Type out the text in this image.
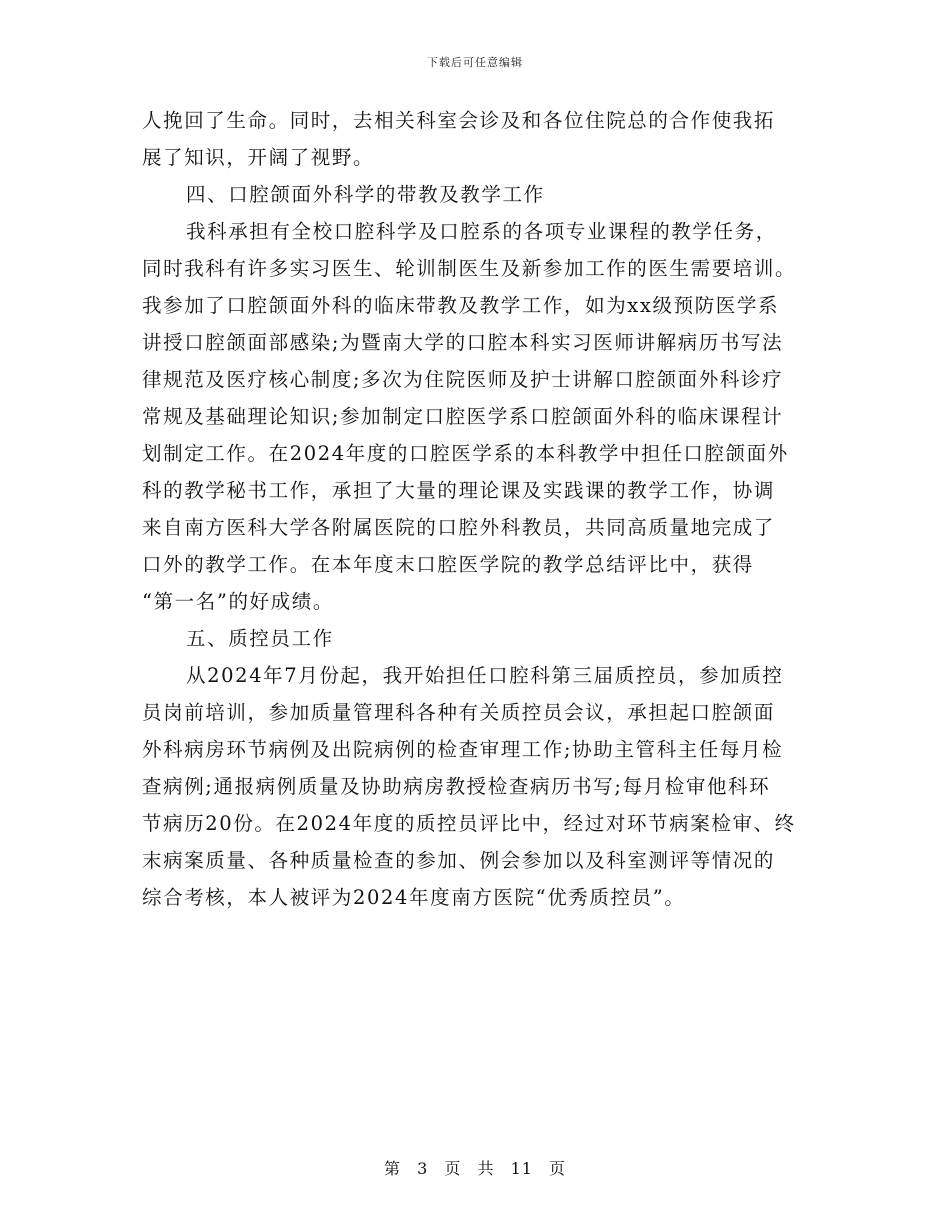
下载后可任意编辑
人挽回了生命。同时，去相关科室会诊及和各位住院总的合作使我拓
展了知识，开阔了视野。
四、口腔颌面外科学的带教及教学工作
我科承担有全校口腔科学及口腔系的各项专业课程的教学任务，
同时我科有许多实习医生、轮训制医生及新参加工作的医生需要培训。
我参加了口腔颌面外科的临床带教及教学工作，如为xx级预防医学系
讲授口腔颌面部感染;为暨南大学的口腔本科实习医师讲解病历书写法
律规范及医疗核心制度;多次为住院医师及护士讲解口腔颌面外科诊疗
常规及基础理论知识;参加制定口腔医学系口腔颌面外科的临床课程计
划制定工作。在2024年度的口腔医学系的本科教学中担任口腔颌面外
科的教学秘书工作，承担了大量的理论课及实践课的教学工作，协调
来自南方医科大学各附属医院的口腔外科教员，共同高质量地完成了
口外的教学工作。在本年度末口腔医学院的教学总结评比中，获得
“第一名”的好成绩。
五、质控员工作
从2024年7月份起，我开始担任口腔科第三届质控员，参加质控
员岗前培训，参加质量管理科各种有关质控员会议，承担起口腔颌面
外科病房环节病例及出院病例的检查审理工作;协助主管科主任每月检
查病例;通报病例质量及协助病房教授检查病历书写;每月检审他科环
节病历20份。在2024年度的质控员评比中，经过对环节病案检审、终
末病案质量、各种质量检查的参加、例会参加以及科室测评等情况的
综合考核，本人被评为2024年度南方医院“优秀质控员”。
第 3 页 共 11 页
